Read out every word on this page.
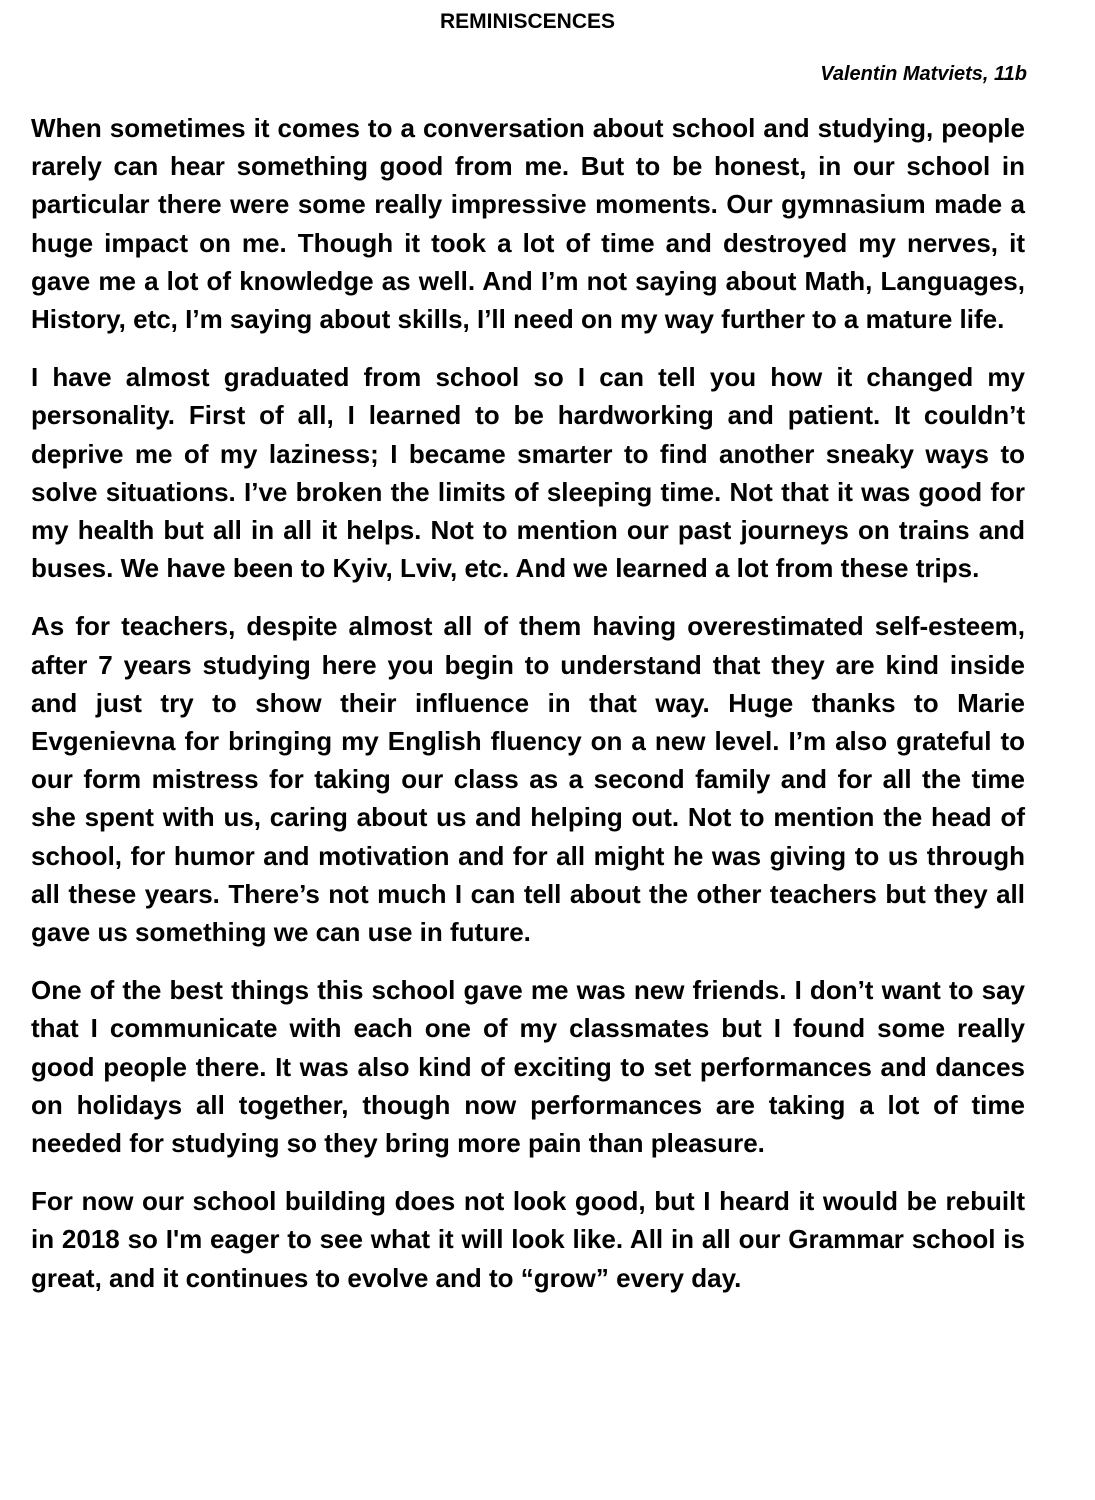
REMINISCENCES
Valentin Matviets, 11b

When sometimes it comes to a conversation about school and studying, people rarely can hear something good from me. But to be honest, in our school in particular there were some really impressive moments. Our gymnasium made a huge impact on me. Though it took a lot of time and destroyed my nerves, it gave me a lot of knowledge as well. And I’m not saying about Math, Languages, History, etc, I’m saying about skills, I’ll need on my way further to a mature life.

I have almost graduated from school so I can tell you how it changed my personality. First of all, I learned to be hardworking and patient. It couldn’t deprive me of my laziness; I became smarter to find another sneaky ways to solve situations. I’ve broken the limits of sleeping time. Not that it was good for my health but all in all it helps. Not to mention our past journeys on trains and buses. We have been to Kyiv, Lviv, etc. And we learned a lot from these trips.

As for teachers, despite almost all of them having overestimated self-esteem, after 7 years studying here you begin to understand that they are kind inside and just try to show their influence in that way. Huge thanks to Marie Evgenievna for bringing my English fluency on a new level. I’m also grateful to our form mistress for taking our class as a second family and for all the time she spent with us, caring about us and helping out. Not to mention the head of school, for humor and motivation and for all might he was giving to us through all these years. There’s not much I can tell about the other teachers but they all gave us something we can use in future.

One of the best things this school gave me was new friends. I don’t want to say that I communicate with each one of my classmates but I found some really good people there. It was also kind of exciting to set performances and dances on holidays all together, though now performances are taking a lot of time needed for studying so they bring more pain than pleasure.

For now our school building does not look good, but I heard it would be rebuilt in 2018 so I'm eager to see what it will look like. All in all our Grammar school is great, and it continues to evolve and to “grow” every day.
